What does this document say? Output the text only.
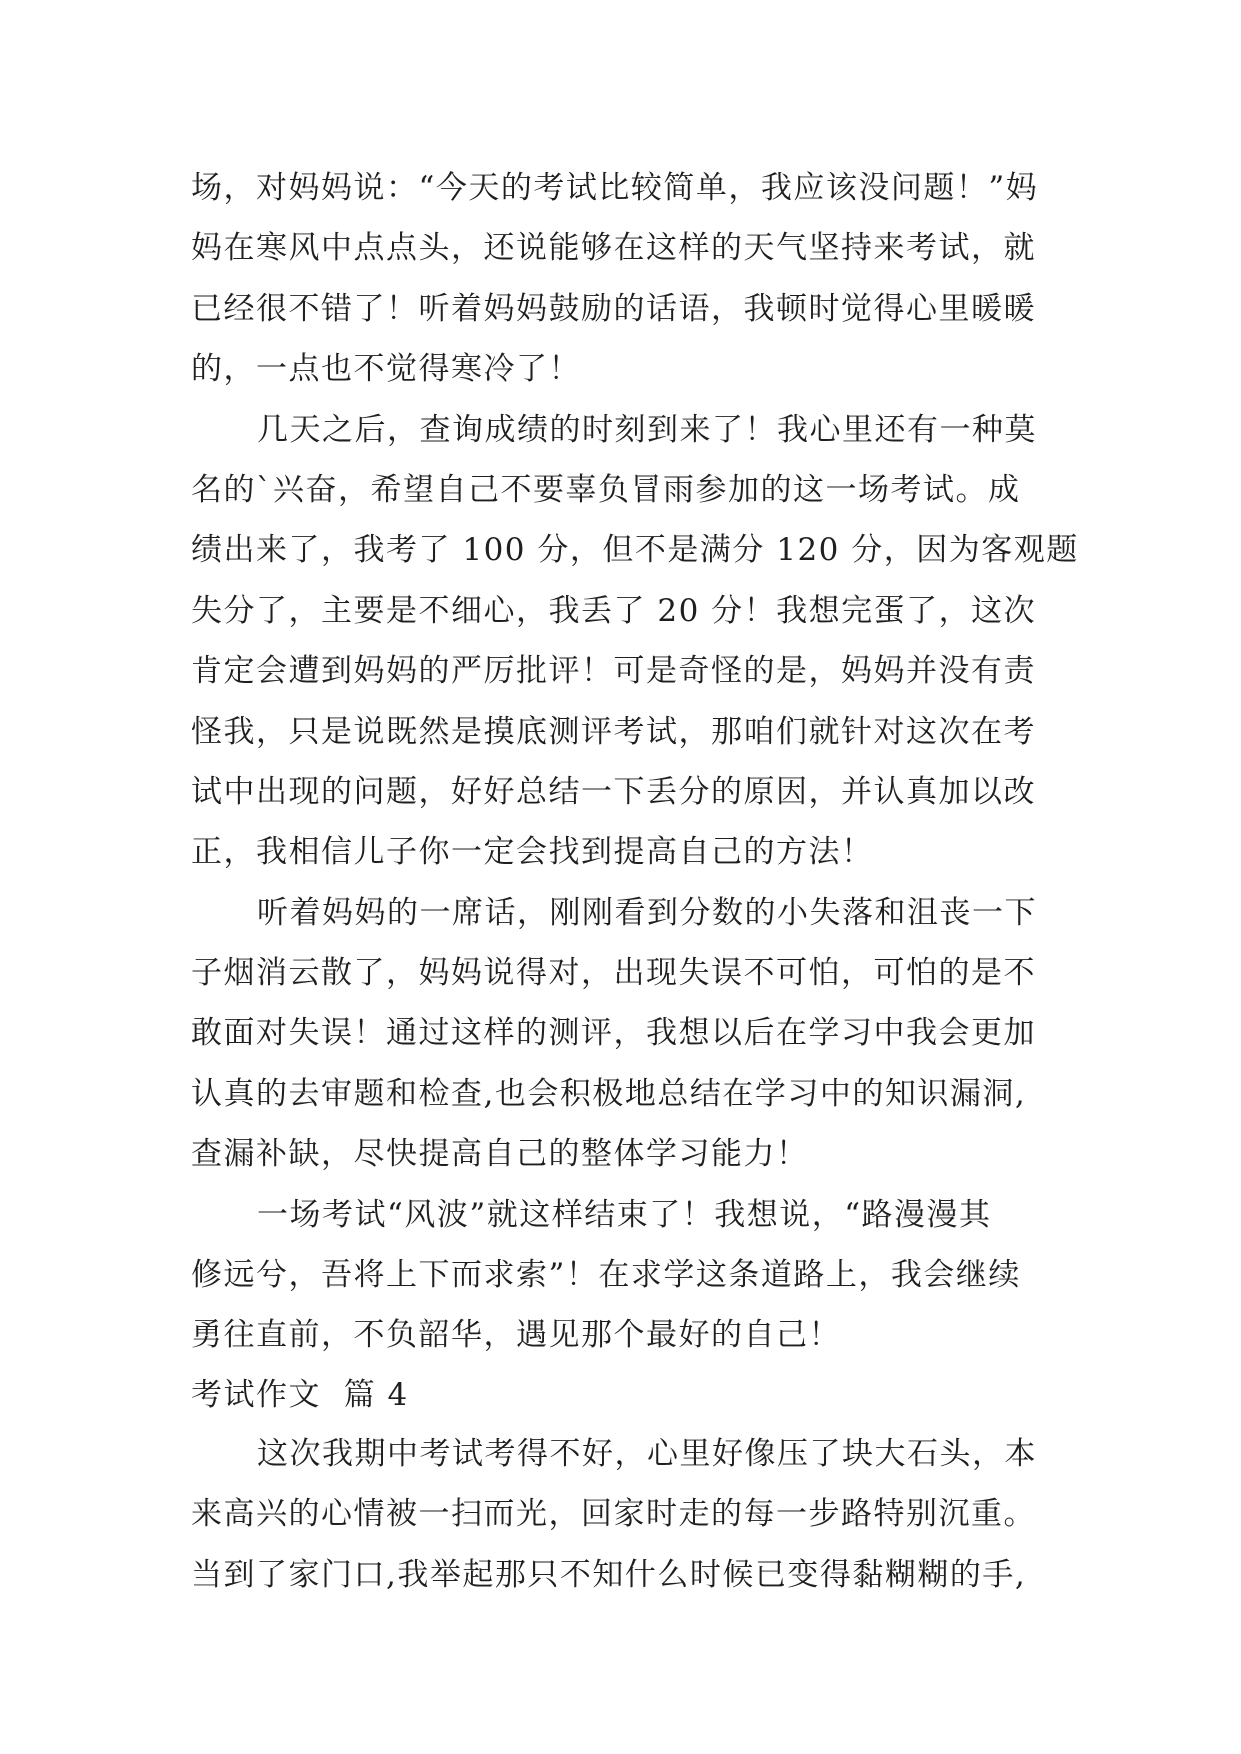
场，对妈妈说：“今天的考试比较简单，我应该没问题！”妈
妈在寒风中点点头，还说能够在这样的天气坚持来考试，就
已经很不错了！听着妈妈鼓励的话语，我顿时觉得心里暖暖
的，一点也不觉得寒冷了！
几天之后，查询成绩的时刻到来了！我心里还有一种莫
名的`兴奋，希望自己不要辜负冒雨参加的这一场考试。成
绩出来了，我考了 100 分，但不是满分 120 分，因为客观题
失分了，主要是不细心，我丢了 20 分！我想完蛋了，这次
肯定会遭到妈妈的严厉批评！可是奇怪的是，妈妈并没有责
怪我，只是说既然是摸底测评考试，那咱们就针对这次在考
试中出现的问题，好好总结一下丢分的原因，并认真加以改
正，我相信儿子你一定会找到提高自己的方法！
听着妈妈的一席话，刚刚看到分数的小失落和沮丧一下
子烟消云散了，妈妈说得对，出现失误不可怕，可怕的是不
敢面对失误！通过这样的测评，我想以后在学习中我会更加
认真的去审题和检查,也会积极地总结在学习中的知识漏洞,
查漏补缺，尽快提高自己的整体学习能力！
一场考试“风波”就这样结束了！我想说，“路漫漫其
修远兮，吾将上下而求索”！在求学这条道路上，我会继续
勇往直前，不负韶华，遇见那个最好的自己！
考试作文  篇 4
这次我期中考试考得不好，心里好像压了块大石头，本
来高兴的心情被一扫而光，回家时走的每一步路特别沉重。
当到了家门口,我举起那只不知什么时候已变得黏糊糊的手,
